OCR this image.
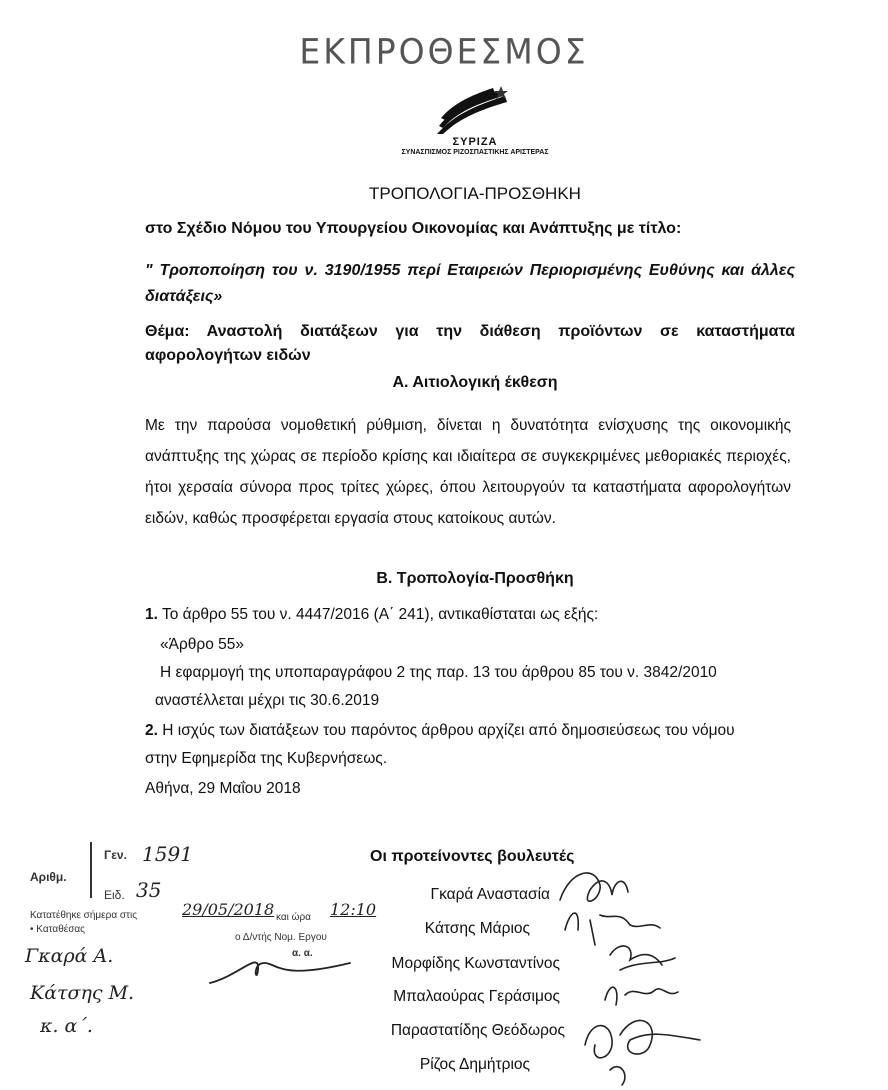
ΕΚΠΡΟΘΕΣΜΟΣ
ΣΥΡΙΖΑ
ΣΥΝΑΣΠΙΣΜΟΣ ΡΙΖΟΣΠΑΣΤΙΚΗΣ ΑΡΙΣΤΕΡΑΣ
ΤΡΟΠΟΛΟΓΙΑ-ΠΡΟΣΘΗΚΗ
στο Σχέδιο Νόμου του Υπουργείου Οικονομίας και Ανάπτυξης με τίτλο:
" Τροποποίηση του ν. 3190/1955 περί Εταιρειών Περιορισμένης Ευθύνης και άλλες διατάξεις»
Θέμα: Αναστολή διατάξεων για την διάθεση προϊόντων σε καταστήματα αφορολογήτων ειδών
Α. Αιτιολογική έκθεση
Με την παρούσα νομοθετική ρύθμιση, δίνεται η δυνατότητα ενίσχυσης της οικονομικής ανάπτυξης της χώρας σε περίοδο κρίσης και ιδιαίτερα σε συγκεκριμένες μεθοριακές περιοχές, ήτοι χερσαία σύνορα προς τρίτες χώρες, όπου λειτουργούν τα καταστήματα αφορολογήτων ειδών, καθώς προσφέρεται εργασία στους κατοίκους αυτών.
Β. Τροπολογία-Προσθήκη
1. Το άρθρο 55 του ν. 4447/2016 (Α΄ 241), αντικαθίσταται ως εξής:
«Άρθρο 55»
Η εφαρμογή της υποπαραγράφου 2 της παρ. 13 του άρθρου 85 του ν. 3842/2010
αναστέλλεται μέχρι τις 30.6.2019
2. Η ισχύς των διατάξεων του παρόντος άρθρου αρχίζει από δημοσιεύσεως του νόμου
στην Εφημερίδα της Κυβερνήσεως.
Αθήνα, 29 Μαΐου 2018
Οι προτείνοντες βουλευτές
Γκαρά Αναστασία
Κάτσης Μάριος
Μορφίδης Κωνσταντίνος
Μπαλαούρας Γεράσιμος
Παραστατίδης Θεόδωρος
Ρίζος Δημήτριος
Αριθμ.
Γεν. 1591
Ειδ. 35
Κατατέθηκε σήμερα στις	29/05/2018 και ώρα 12:10
• Καταθέσας
ο Δ/ντής Νομ. Εργου
α. α.
Γκαρά Α.
Κάτσης Μ.
κ. α΄.
